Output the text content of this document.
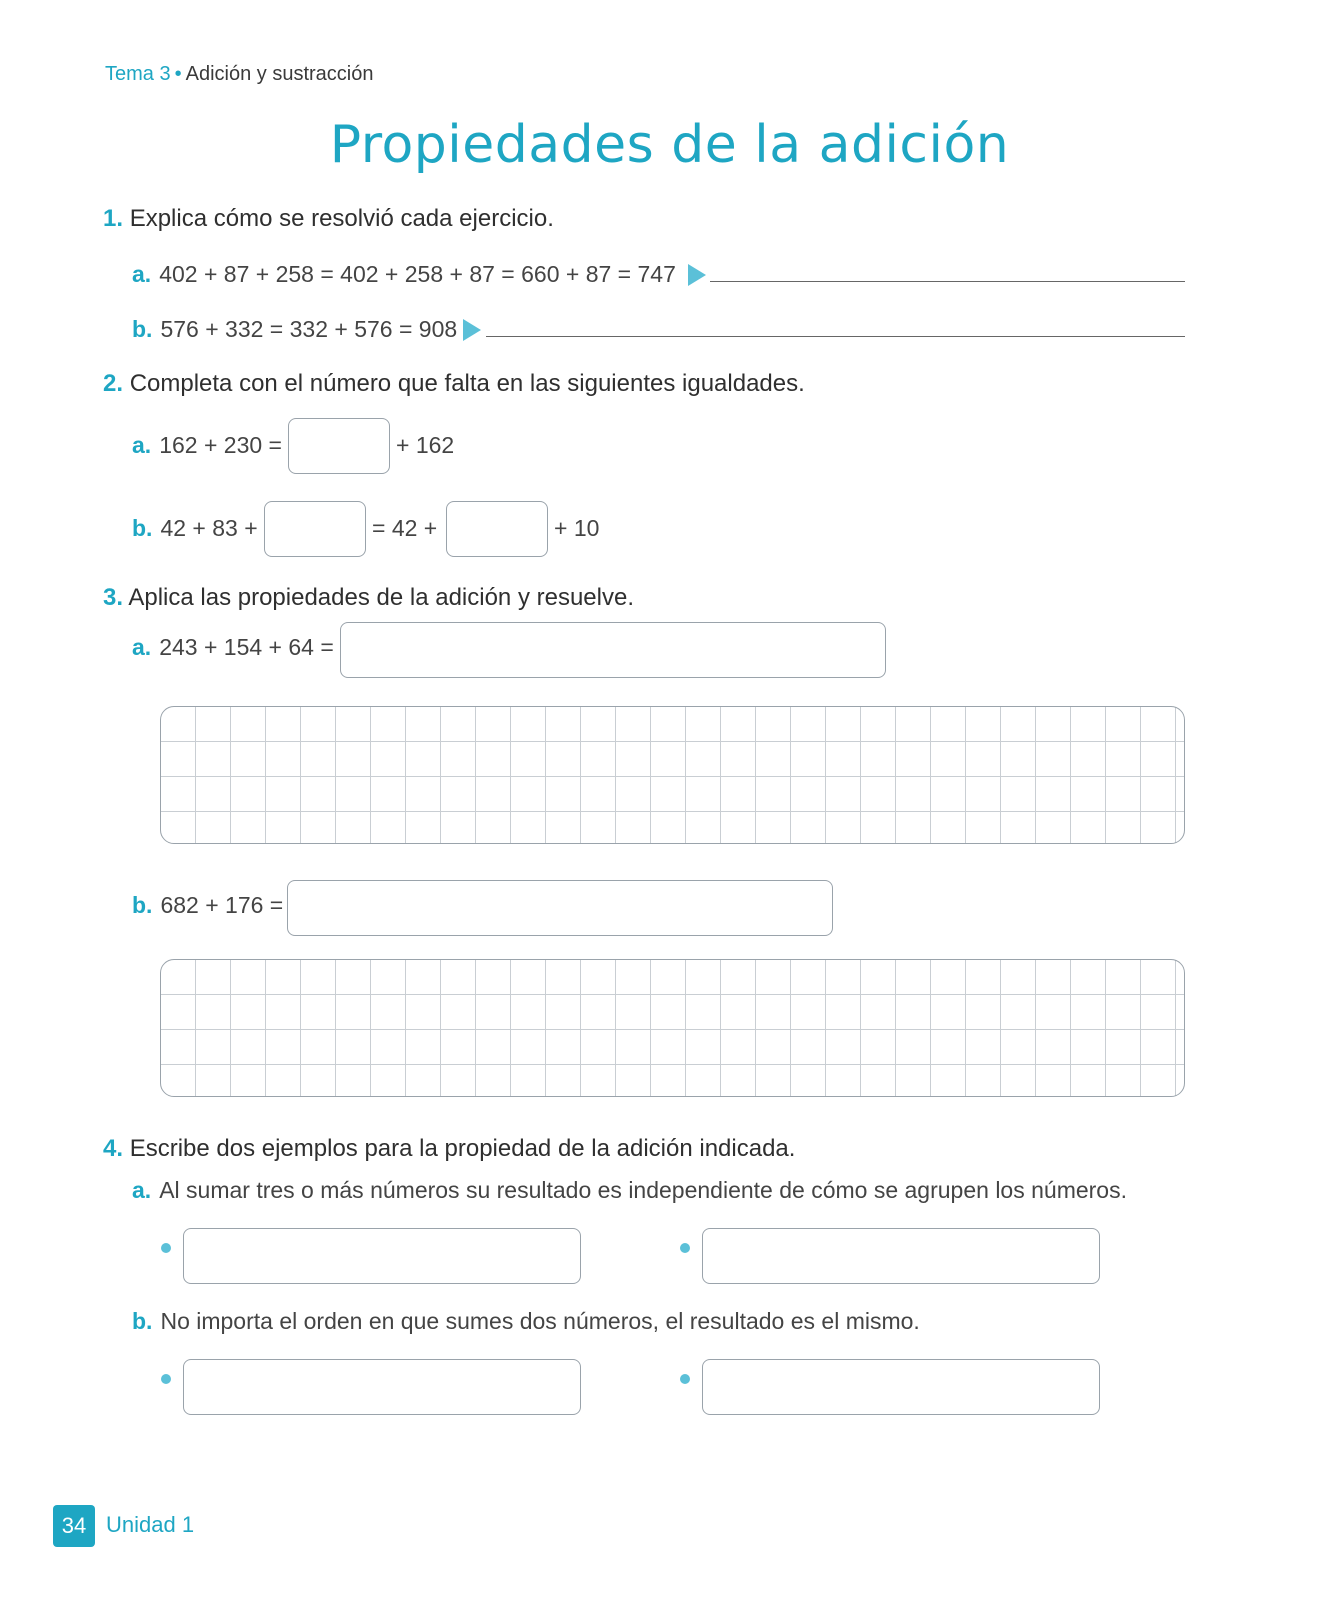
Tema 3 • Adición y sustracción
Propiedades de la adición
1. Explica cómo se resolvió cada ejercicio.
a. 402 + 87 + 258 = 402 + 258 + 87 = 660 + 87 = 747
b. 576 + 332 = 332 + 576 = 908
2. Completa con el número que falta en las siguientes igualdades.
a. 162 + 230 =	+ 162
b. 42 + 83 +	= 42 +	+ 10
3. Aplica las propiedades de la adición y resuelve.
a. 243 + 154 + 64 =
b. 682 + 176 =
4. Escribe dos ejemplos para la propiedad de la adición indicada.
a. Al sumar tres o más números su resultado es independiente de cómo se agrupen los números.
b. No importa el orden en que sumes dos números, el resultado es el mismo.
34 Unidad 1
